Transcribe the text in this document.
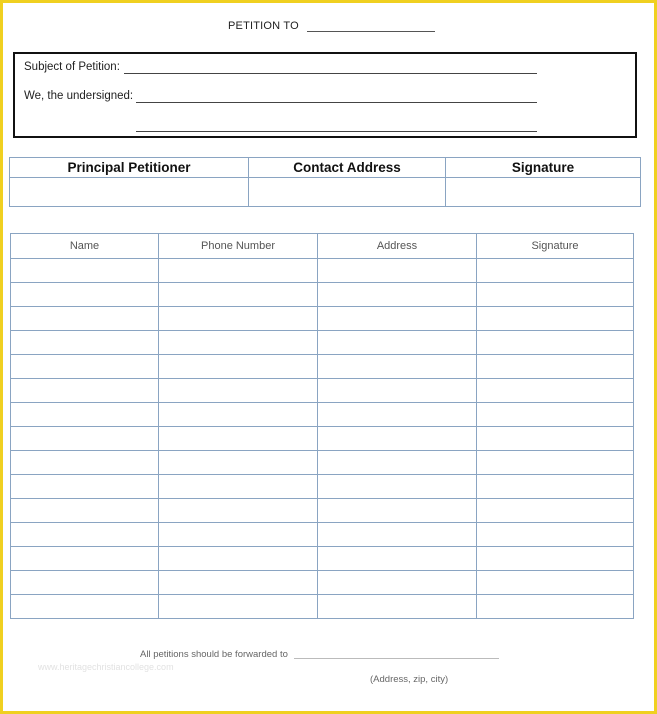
PETITION TO
Subject of Petition:
We, the undersigned:
Principal Petitioner	Contact Address	Signature

Name	Phone Number	Address	Signature

www.heritagechristiancollege.com
All petitions should be forwarded to
(Address, zip, city)
